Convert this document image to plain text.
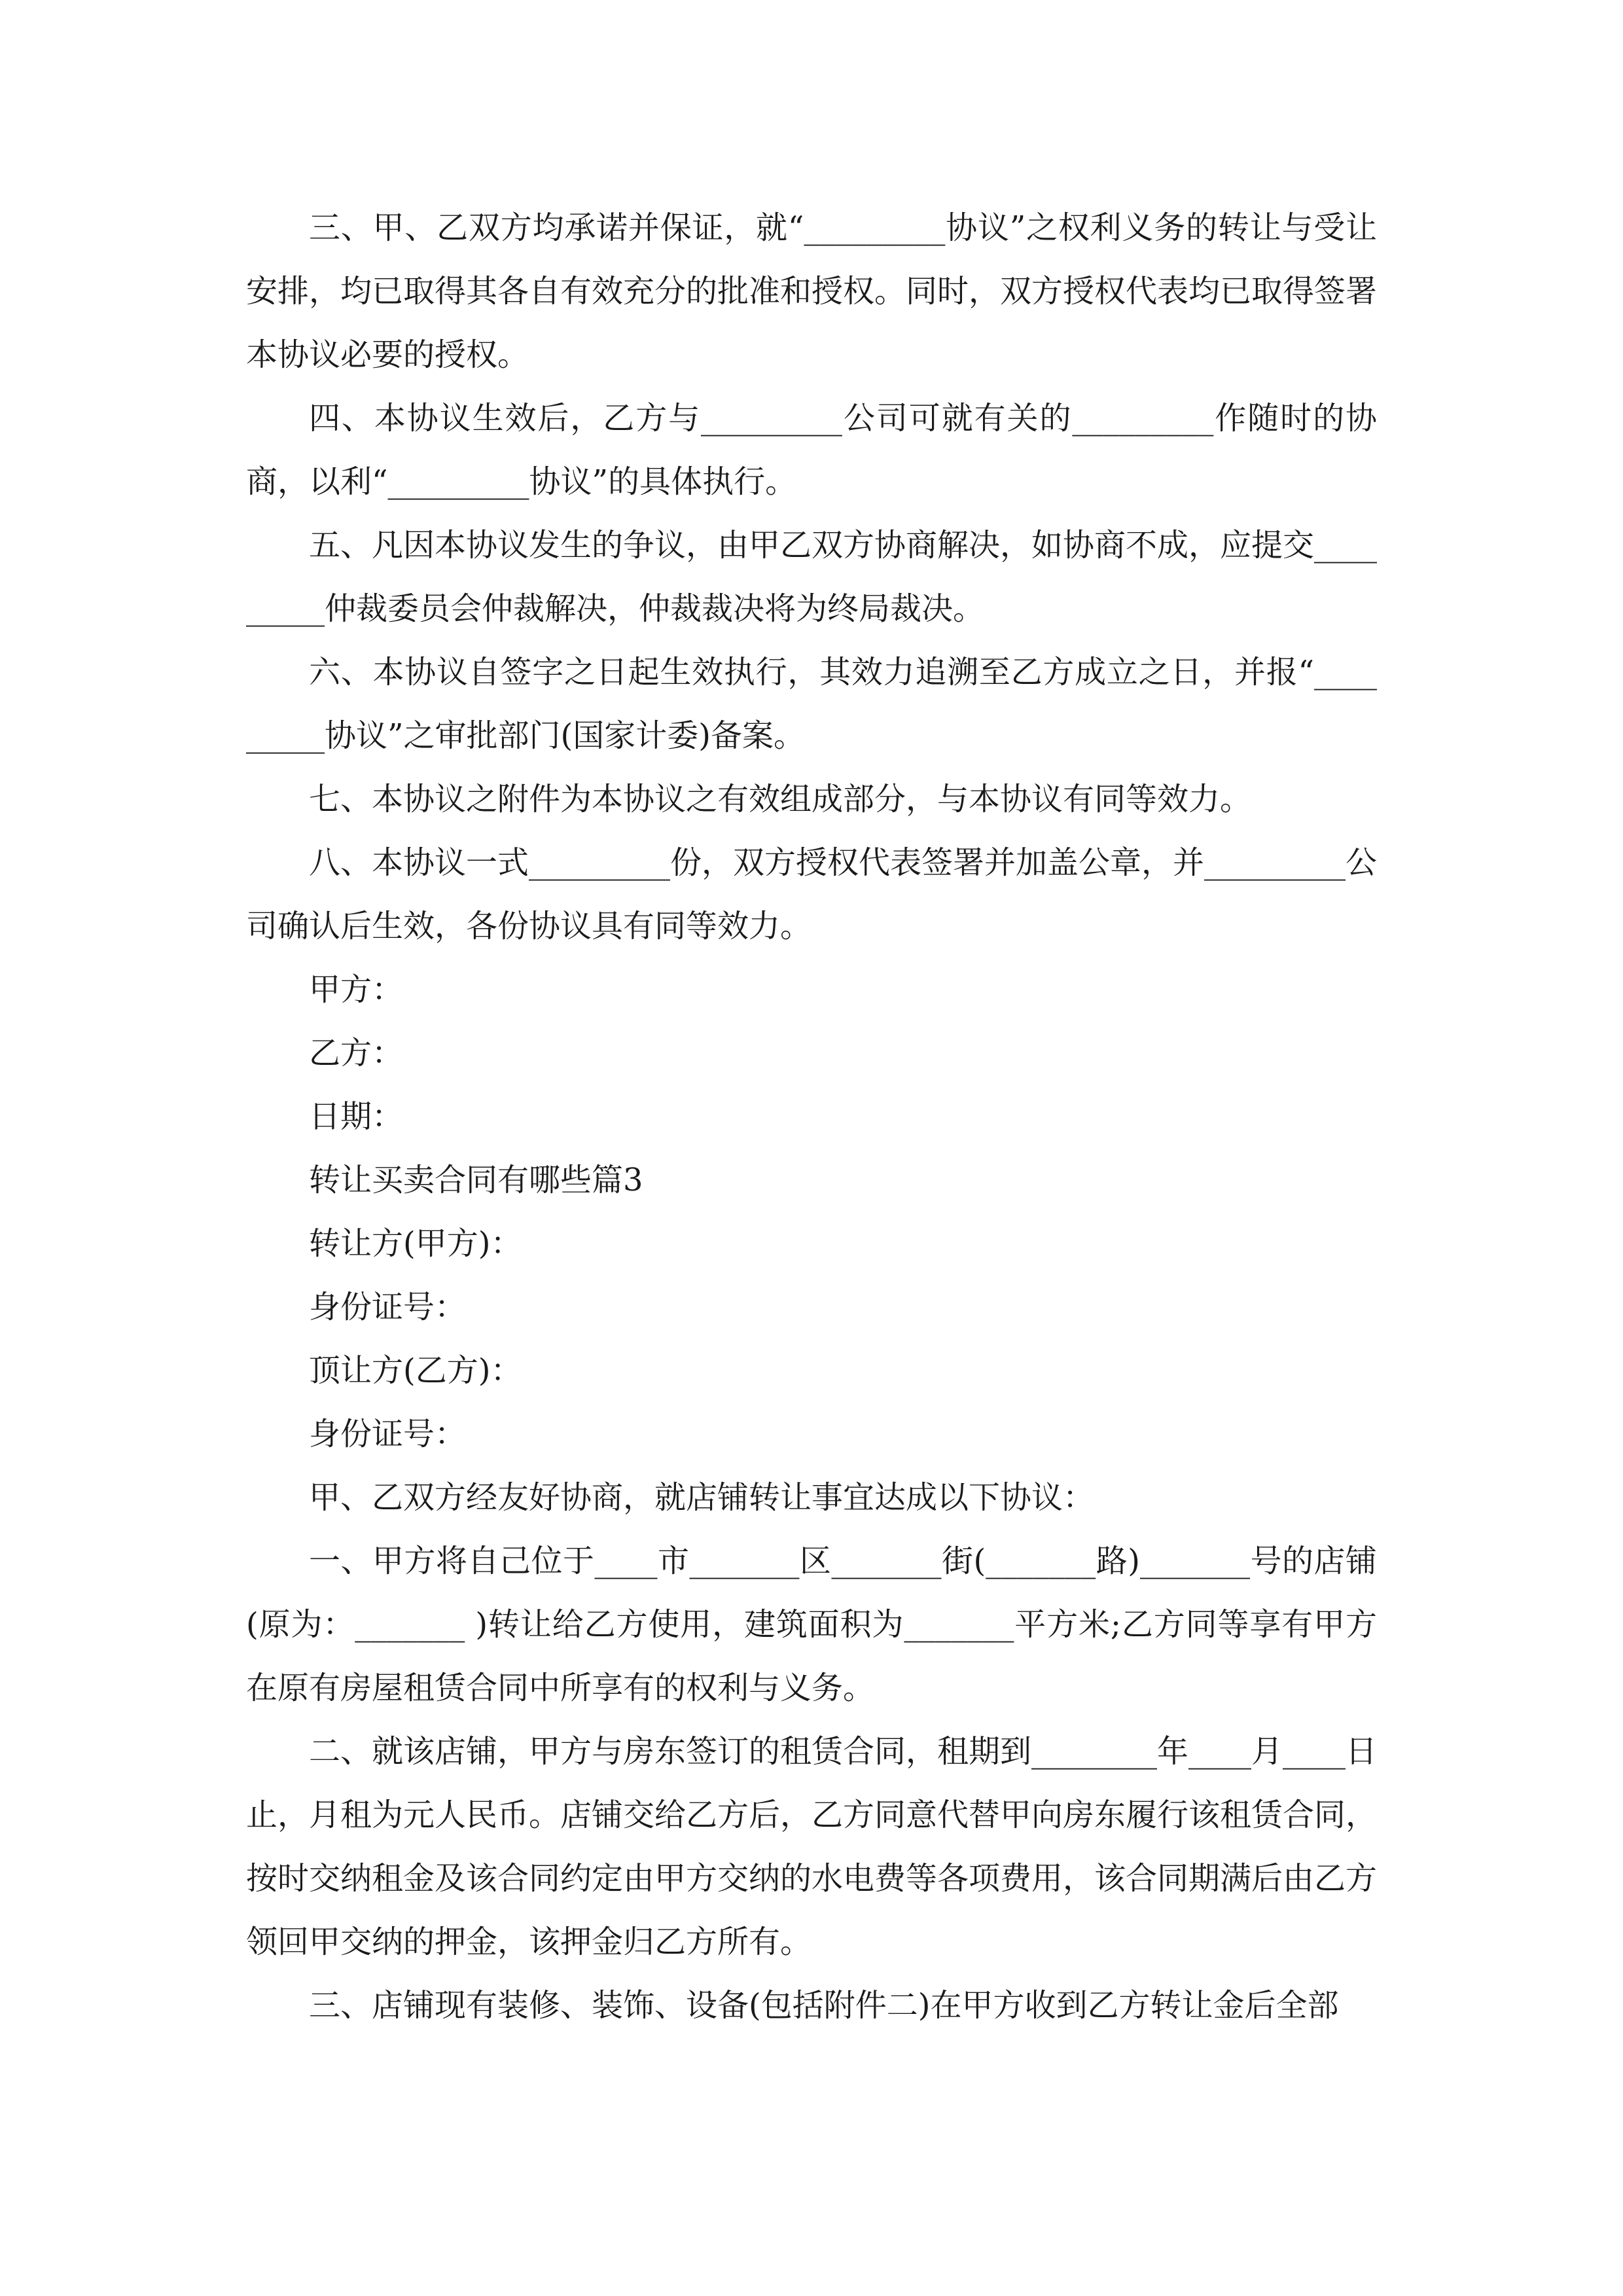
三、甲、乙双方均承诺并保证，就“_________协议”之权利义务的转让与受让安排，均已取得其各自有效充分的批准和授权。同时，双方授权代表均已取得签署本协议必要的授权。

四、本协议生效后，乙方与_________公司可就有关的_________作随时的协商，以利“_________协议”的具体执行。

五、凡因本协议发生的争议，由甲乙双方协商解决，如协商不成，应提交_________仲裁委员会仲裁解决，仲裁裁决将为终局裁决。

六、本协议自签字之日起生效执行，其效力追溯至乙方成立之日，并报“_________协议”之审批部门(国家计委)备案。

七、本协议之附件为本协议之有效组成部分，与本协议有同等效力。

八、本协议一式_________份，双方授权代表签署并加盖公章，并_________公司确认后生效，各份协议具有同等效力。

甲方：

乙方：

日期：

转让买卖合同有哪些篇3

转让方(甲方)：

身份证号：

顶让方(乙方)：

身份证号：

甲、乙双方经友好协商，就店铺转让事宜达成以下协议：

一、甲方将自己位于____市_______区_______街(_______路)_______号的店铺(原为：_______ )转让给乙方使用，建筑面积为_______平方米;乙方同等享有甲方在原有房屋租赁合同中所享有的权利与义务。

二、就该店铺，甲方与房东签订的租赁合同，租期到________年____月____日止，月租为元人民币。店铺交给乙方后，乙方同意代替甲向房东履行该租赁合同，按时交纳租金及该合同约定由甲方交纳的水电费等各项费用，该合同期满后由乙方领回甲交纳的押金，该押金归乙方所有。

三、店铺现有装修、装饰、设备(包括附件二)在甲方收到乙方转让金后全部
